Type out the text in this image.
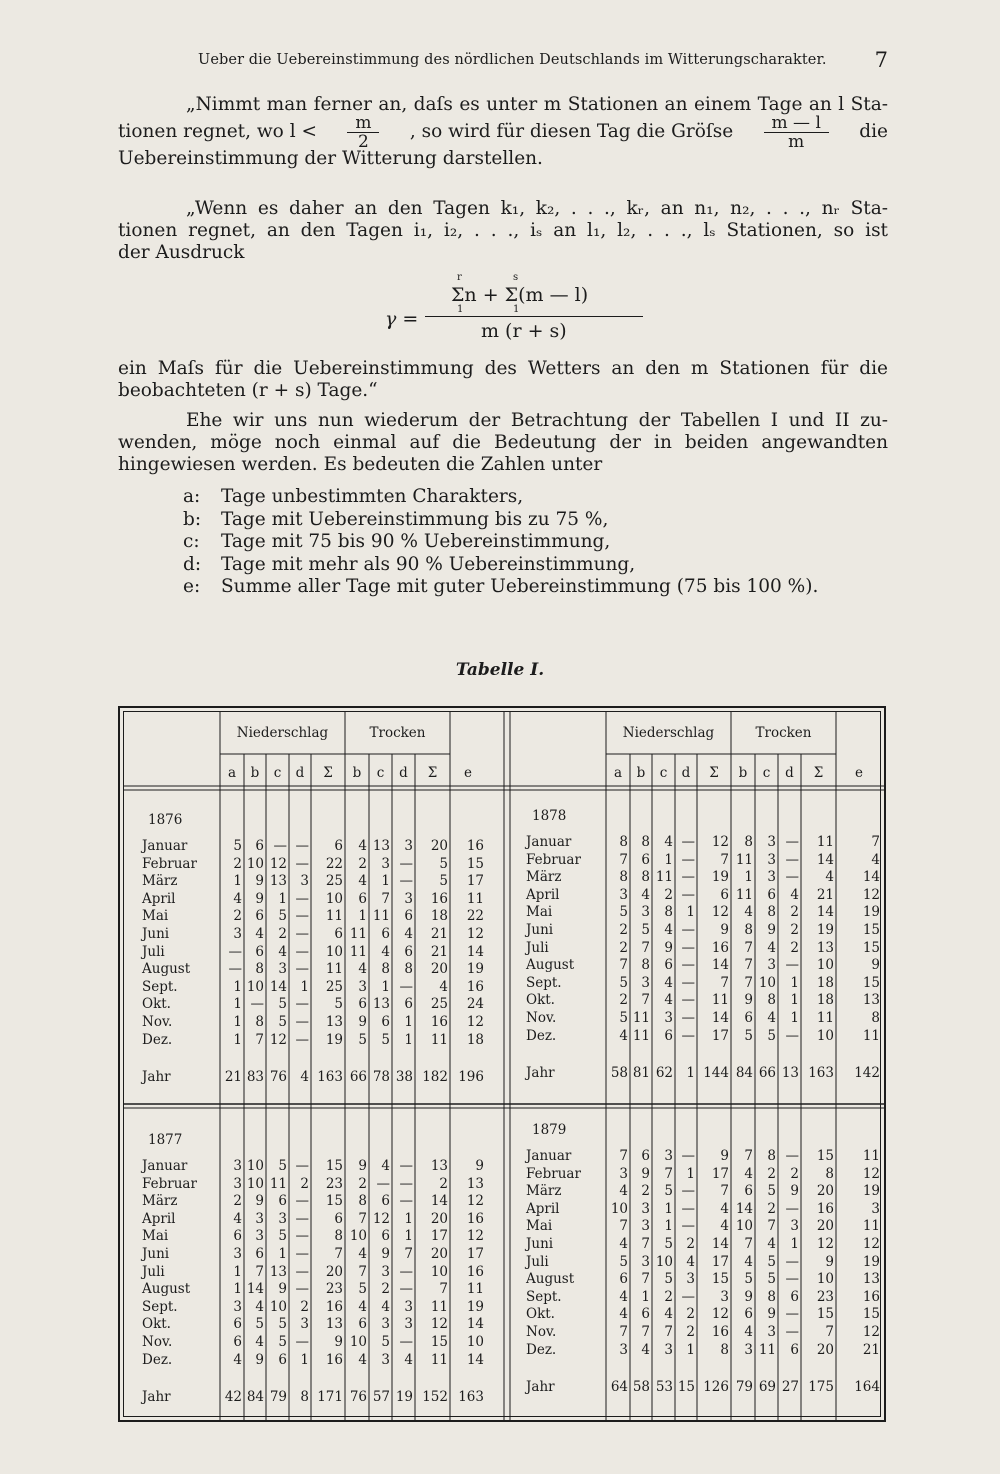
Ueber die Uebereinstimmung des nördlichen Deutschlands im Witterungscharakter. 7
„Nimmt man ferner an, daſs es unter m Stationen an einem Tage an l Sta-
tionen regnet, wo $l < \frac{m}{2}$ , so wird für diesen Tag die Gröſse $\frac{m — l}{m}$ die
Uebereinstimmung der Witterung darstellen.
„Wenn es daher an den Tagen k₁, k₂, . . ., kᵣ, an n₁, n₂, . . ., nᵣ Sta-
tionen regnet, an den Tagen i₁, i₂, . . ., iₛ an l₁, l₂, . . ., lₛ Stationen, so ist
der Ausdruck
γ =
r	s
Σn + Σ(m — l)
1	1
m (r + s)
ein Maſs für die Uebereinstimmung des Wetters an den m Stationen für die
beobachteten (r + s) Tage.“
Ehe wir uns nun wiederum der Betrachtung der Tabellen I und II zu-
wenden, möge noch einmal auf die Bedeutung der in beiden angewandten
hingewiesen werden. Es bedeuten die Zahlen unter
a: Tage unbestimmten Charakters,
b: Tage mit Uebereinstimmung bis zu 75 %,
c: Tage mit 75 bis 90 % Uebereinstimmung,
d: Tage mit mehr als 90 % Uebereinstimmung,
e: Summe aller Tage mit guter Uebereinstimmung (75 bis 100 %).
Tabelle I.
Niederschlag	Trocken
a	b	c	d	Σ	b	c	d	Σ	e
Niederschlag	Trocken
a	b	c	d	Σ	b	c	d	Σ	e
1876
Januar	5 6 — —	6	4 13	3	20	16
Februar	2 10 12 —	22	2	3 —	5	15
März	1 9 13 3	25	4	1 —	5	17
April	4 9	1 —	10	6	7	3	16	11
Mai	2 6	5 —	11	1 11	6	18	22
Juni	3 4	2 —	6 11	6	4	21	12
Juli	— 6	4 —	10 11	4	6	21	14
August	— 8	3 —	11	4	8	8	20	19
Sept.	1 10 14 1	25	3	1 —	4	16
Okt.	1 —	5 —	5	6 13	6	25	24
Nov.	1 8	5 —	13	9	6	1	16	12
Dez.	1 7 12 —	19	5	5	1	11	18
Jahr	21 83 76 4 163 66 78 38 182 196
1878
Januar	8 8	4 —	12	8	3 —	11	7
Februar	7 6	1 —	7 11	3 —	14	4
März	8 8 11 —	19	1	3 —	4	14
April	3 4	2 —	6 11	6	4	21	12
Mai	5 3	8 1	12	4	8	2	14	19
Juni	2 5	4 —	9	8	9	2	19	15
Juli	2 7	9 —	16	7	4	2	13	15
August	7 8	6 —	14	7	3 —	10	9
Sept.	5 3	4 —	7	7 10	1	18	15
Okt.	2 7	4 —	11	9	8	1	18	13
Nov.	5 11	3 —	14	6	4	1	11	8
Dez.	4 11	6 —	17	5	5 —	10	11
Jahr	58 81 62 1 144 84 66 13 163	142
1877
Januar	3 10	5 —	15	9	4 —	13	9
Februar	3 10 11 2	23	2 — —	2	13
März	2 9	6 —	15	8	6 —	14	12
April	4 3	3 —	6	7 12	1	20	16
Mai	6 3	5 —	8 10	6	1	17	12
Juni	3 6	1 —	7	4	9	7	20	17
Juli	1 7 13 —	20	7	3 —	10	16
August	1 14	9 —	23	5	2 —	7	11
Sept.	3 4 10 2	16	4	4	3	11	19
Okt.	6 5	5 3	13	6	3	3	12	14
Nov.	6 4	5 —	9 10	5 —	15	10
Dez.	4 9	6 1	16	4	3	4	11	14
Jahr	42 84 79 8 171 76 57 19 152 163
1879
Januar	7 6	3 —	9	7	8 —	15	11
Februar	3 9	7 1	17	4	2	2	8	12
März	4 2	5 —	7	6	5	9	20	19
April	10 3	1 —	4 14	2 —	16	3
Mai	7 3	1 —	4 10	7	3	20	11
Juni	4 7	5 2	14	7	4	1	12	12
Juli	5 3 10 4	17	4	5 —	9	19
August	6 7	5 3	15	5	5 —	10	13
Sept.	4 1	2 —	3	9	8	6	23	16
Okt.	4 6	4 2	12	6	9 —	15	15
Nov.	7 7	7 2	16	4	3 —	7	12
Dez.	3 4	3 1	8	3 11	6	20	21
Jahr	64 58 53 15 126 79 69 27 175	164
